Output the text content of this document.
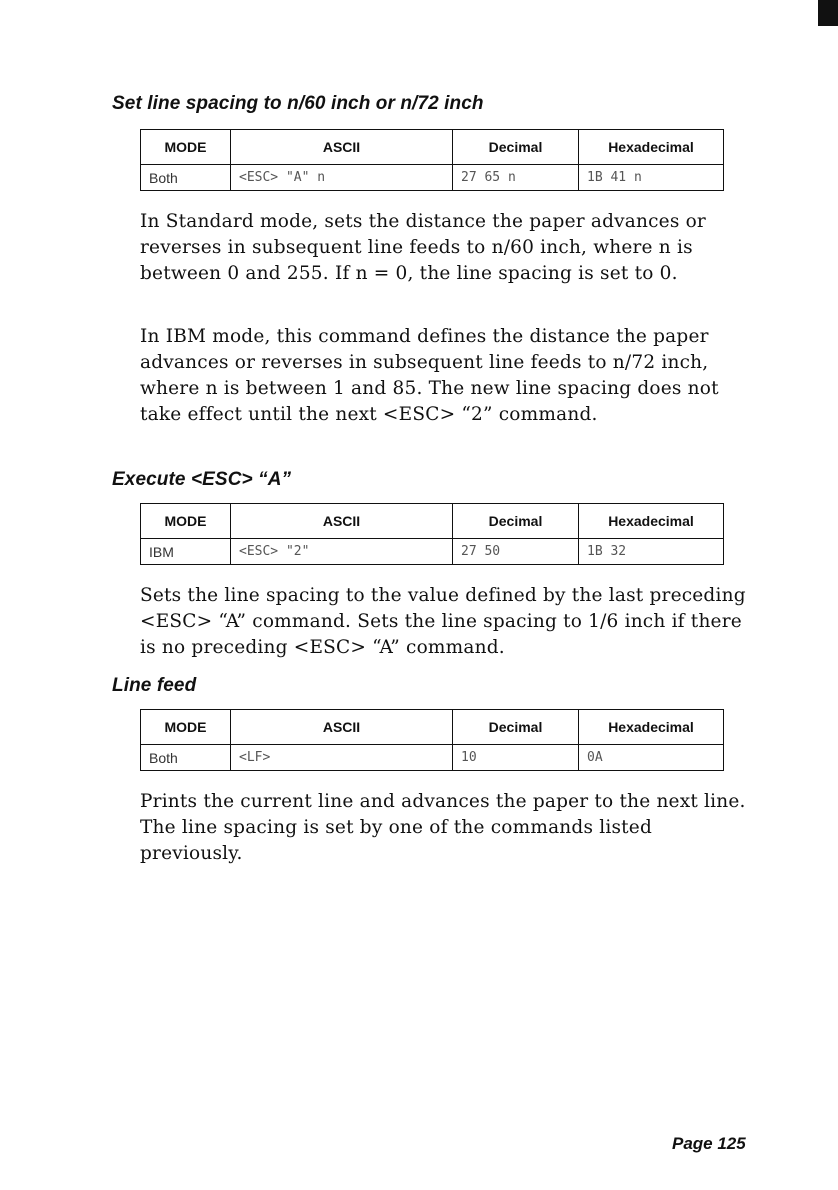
Set line spacing to n/60 inch or n/72 inch
MODE	ASCII	Decimal	Hexadecimal
Both	<ESC> "A" n	27 65 n	1B 41 n

In Standard mode, sets the distance the paper advances or reverses in subsequent line feeds to n/60 inch, where n is between 0 and 255. If n = 0, the line spacing is set to 0.

In IBM mode, this command defines the distance the paper advances or reverses in subsequent line feeds to n/72 inch, where n is between 1 and 85. The new line spacing does not take effect until the next <ESC> “2” command.

Execute <ESC> “A”
MODE	ASCII	Decimal	Hexadecimal
IBM	<ESC> "2"	27 50	1B 32

Sets the line spacing to the value defined by the last preceding <ESC> “A” command. Sets the line spacing to 1/6 inch if there is no preceding <ESC> “A” command.

Line feed
MODE	ASCII	Decimal	Hexadecimal
Both	<LF>	10	0A

Prints the current line and advances the paper to the next line. The line spacing is set by one of the commands listed previously.

Page 125
